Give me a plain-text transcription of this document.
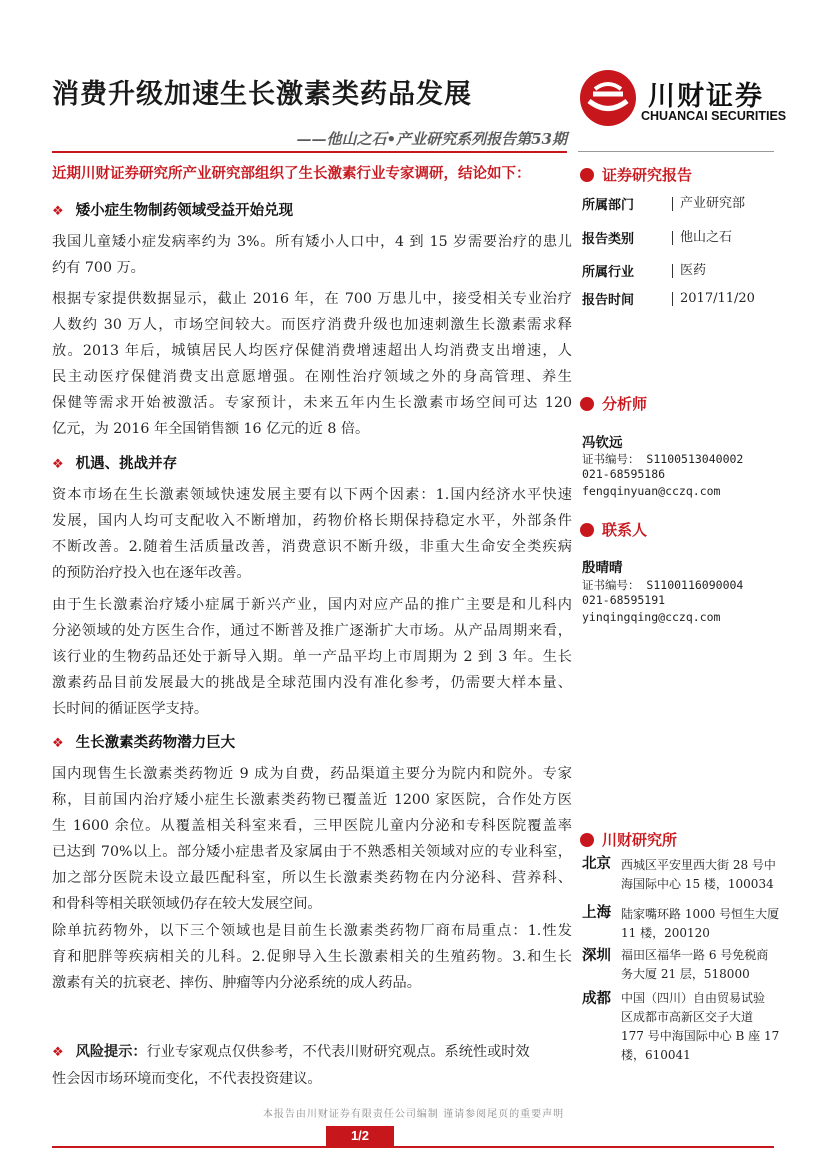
消费升级加速生长激素类药品发展	川财证券
CHUANCAI SECURITIES
——他山之石•产业研究系列报告第53期
近期川财证券研究所产业研究部组织了生长激素行业专家调研，结论如下：
❖ 矮小症生物制药领域受益开始兑现
我国儿童矮小症发病率约为 3%。所有矮小人口中，4 到 15 岁需要治疗的患儿
约有 700 万。
根据专家提供数据显示，截止 2016 年，在 700 万患儿中，接受相关专业治疗
人数约 30 万人，市场空间较大。而医疗消费升级也加速刺激生长激素需求释
放。2013 年后，城镇居民人均医疗保健消费增速超出人均消费支出增速，人
民主动医疗保健消费支出意愿增强。在刚性治疗领域之外的身高管理、养生
保健等需求开始被激活。专家预计，未来五年内生长激素市场空间可达 120
亿元，为 2016 年全国销售额 16 亿元的近 8 倍。
❖ 机遇、挑战并存
资本市场在生长激素领域快速发展主要有以下两个因素：1.国内经济水平快速
发展，国内人均可支配收入不断增加，药物价格长期保持稳定水平，外部条件
不断改善。2.随着生活质量改善，消费意识不断升级，非重大生命安全类疾病
的预防治疗投入也在逐年改善。
由于生长激素治疗矮小症属于新兴产业，国内对应产品的推广主要是和儿科内
分泌领域的处方医生合作，通过不断普及推广逐渐扩大市场。从产品周期来看，
该行业的生物药品还处于新导入期。单一产品平均上市周期为 2 到 3 年。生长
激素药品目前发展最大的挑战是全球范围内没有准化参考，仍需要大样本量、
长时间的循证医学支持。
❖ 生长激素类药物潜力巨大
国内现售生长激素类药物近 9 成为自费，药品渠道主要分为院内和院外。专家
称，目前国内治疗矮小症生长激素类药物已覆盖近 1200 家医院，合作处方医
生 1600 余位。从覆盖相关科室来看，三甲医院儿童内分泌和专科医院覆盖率
已达到 70%以上。部分矮小症患者及家属由于不熟悉相关领域对应的专业科室，
加之部分医院未设立最匹配科室，所以生长激素类药物在内分泌科、营养科、
和骨科等相关联领域仍存在较大发展空间。
除单抗药物外，以下三个领域也是目前生长激素类药物厂商布局重点：1.性发
育和肥胖等疾病相关的儿科。2.促卵导入生长激素相关的生殖药物。3.和生长
激素有关的抗衰老、摔伤、肿瘤等内分泌系统的成人药品。
❖ 风险提示：行业专家观点仅供参考，不代表川财研究观点。系统性或时效
性会因市场环境而变化，不代表投资建议。
证券研究报告
所属部门	产业研究部
报告类别	他山之石
所属行业	医药
报告时间	2017/11/20
分析师
冯钦远
证书编号： S1100513040002
021-68595186
fengqinyuan@cczq.com
联系人
殷晴晴
证书编号： S1100116090004
021-68595191
yinqingqing@cczq.com
川财研究所
北京 西城区平安里西大街 28 号中
海国际中心 15 楼，100034
上海 陆家嘴环路 1000 号恒生大厦
11 楼，200120
深圳 福田区福华一路 6 号免税商
务大厦 21 层，518000
成都 中国（四川）自由贸易试验
区成都市高新区交子大道
177 号中海国际中心 B 座 17
楼，610041
本报告由川财证券有限责任公司编制 谨请参阅尾页的重要声明
1/2
